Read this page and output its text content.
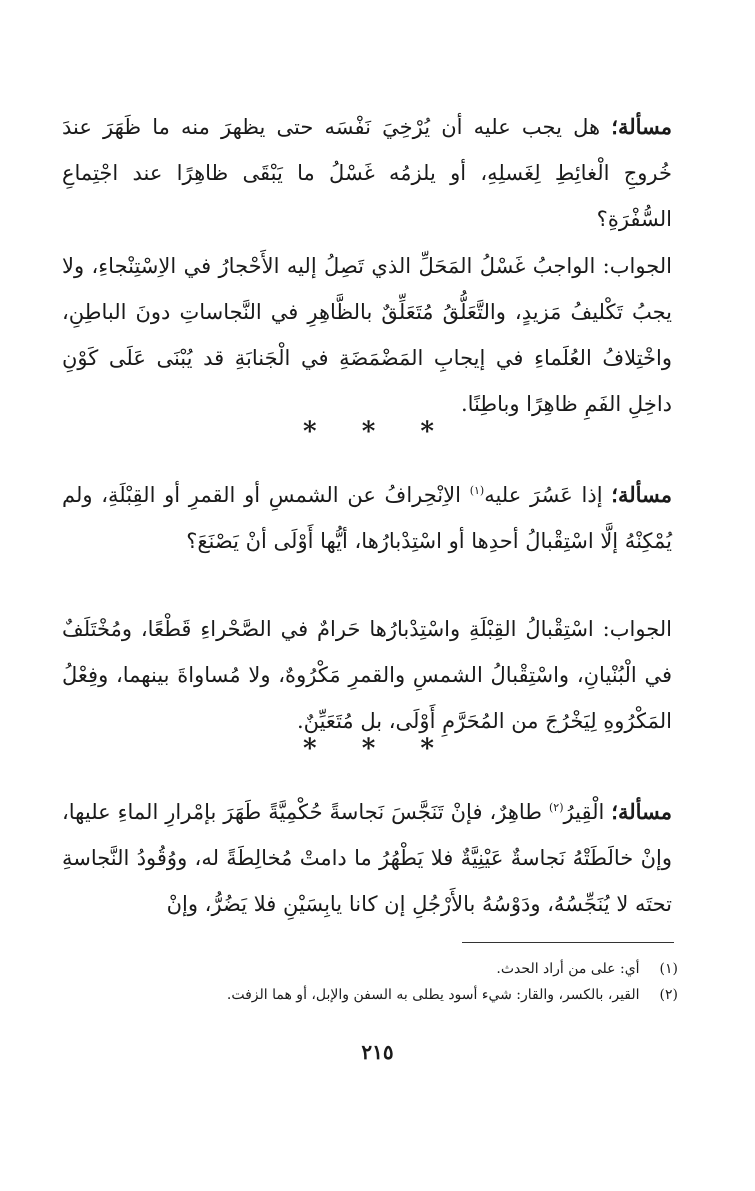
مسألة؛ هل يجب عليه أن يُرْخِيَ نَفْسَه حتى يظهرَ منه ما ظَهَرَ عندَ خُروجِ الْغائِطِ لِغَسلِهِ، أو يلزمُه غَسْلُ ما يَبْقَى ظاهِرًا عند اجْتِماعِ السُّفْرَةِ؟

الجواب: الواجبُ غَسْلُ المَحَلِّ الذي تَصِلُ إليه الأَحْجارُ في الاِسْتِنْجاءِ، ولا يجبُ تَكْليفُ مَزيدٍ، والتَّعَلُّقُ مُتَعَلِّقٌ بالظَّاهِرِ في النَّجاساتِ دونَ الباطِنِ، واخْتِلافُ العُلَماءِ في إيجابِ المَضْمَضَةِ في الْجَنابَةِ قد يُبْنَى عَلَى كَوْنِ داخِلِ الفَمِ ظاهِرًا وباطِنًا.

* * *

مسألة؛ إذا عَسُرَ عليه$^{(١)}$ الاِنْحِرافُ عن الشمسِ أو القمرِ أو القِبْلَةِ، ولم يُمْكِنْهُ إلَّا اسْتِقْبالُ أحدِها أو اسْتِدْبارُها، أيُّها أَوْلَى أنْ يَصْنَعَ؟

الجواب: اسْتِقْبالُ القِبْلَةِ واسْتِدْبارُها حَرامٌ في الصَّحْراءِ قَطْعًا، ومُخْتَلَفٌ في الْبُنْيانِ، واسْتِقْبالُ الشمسِ والقمرِ مَكْرُوهٌ، ولا مُساواةَ بينهما، وفِعْلُ المَكْرُوهِ لِيَخْرُجَ من المُحَرَّمِ أَوْلَى، بل مُتَعَيِّنٌ.

* * *

مسألة؛ الْقِيرُ$^{(٢)}$ طاهِرٌ، فإنْ تَنَجَّسَ نَجاسةً حُكْمِيَّةً طَهَرَ بإمْرارِ الماءِ عليها، وإنْ خالَطَتْهُ نَجاسةٌ عَيْنِيَّةٌ فلا يَطْهُرُ ما دامتْ مُخالِطَةً له، ووُقُودُ النَّجاسةِ تحتَه لا يُنَجِّسُهُ، ودَوْسُهُ بالأَرْجُلِ إن كانا يابِسَيْنِ فلا يَضُرُّ، وإنْ

(١) أي: على من أراد الحدث.
(٢) القير، بالكسر، والقار: شيء أسود يطلى به السفن والإبل، أو هما الزفت.
٢١٥
